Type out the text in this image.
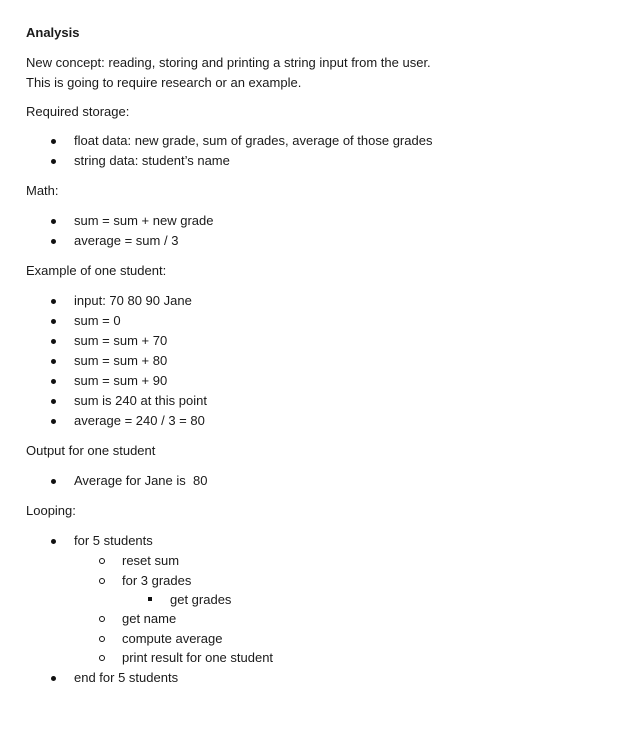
Analysis

New concept: reading, storing and printing a string input from the user.

This is going to require research or an example.

Required storage:

float data: new grade, sum of grades, average of those grades
string data: student’s name

Math:

sum = sum + new grade
average = sum / 3

Example of one student:

input: 70 80 90 Jane
sum = 0
sum = sum + 70
sum = sum + 80
sum = sum + 90
sum is 240 at this point
average = 240 / 3 = 80

Output for one student

Average for Jane is  80

Looping:

for 5 students
reset sum
for 3 grades
get grades
get name
compute average
print result for one student
end for 5 students
